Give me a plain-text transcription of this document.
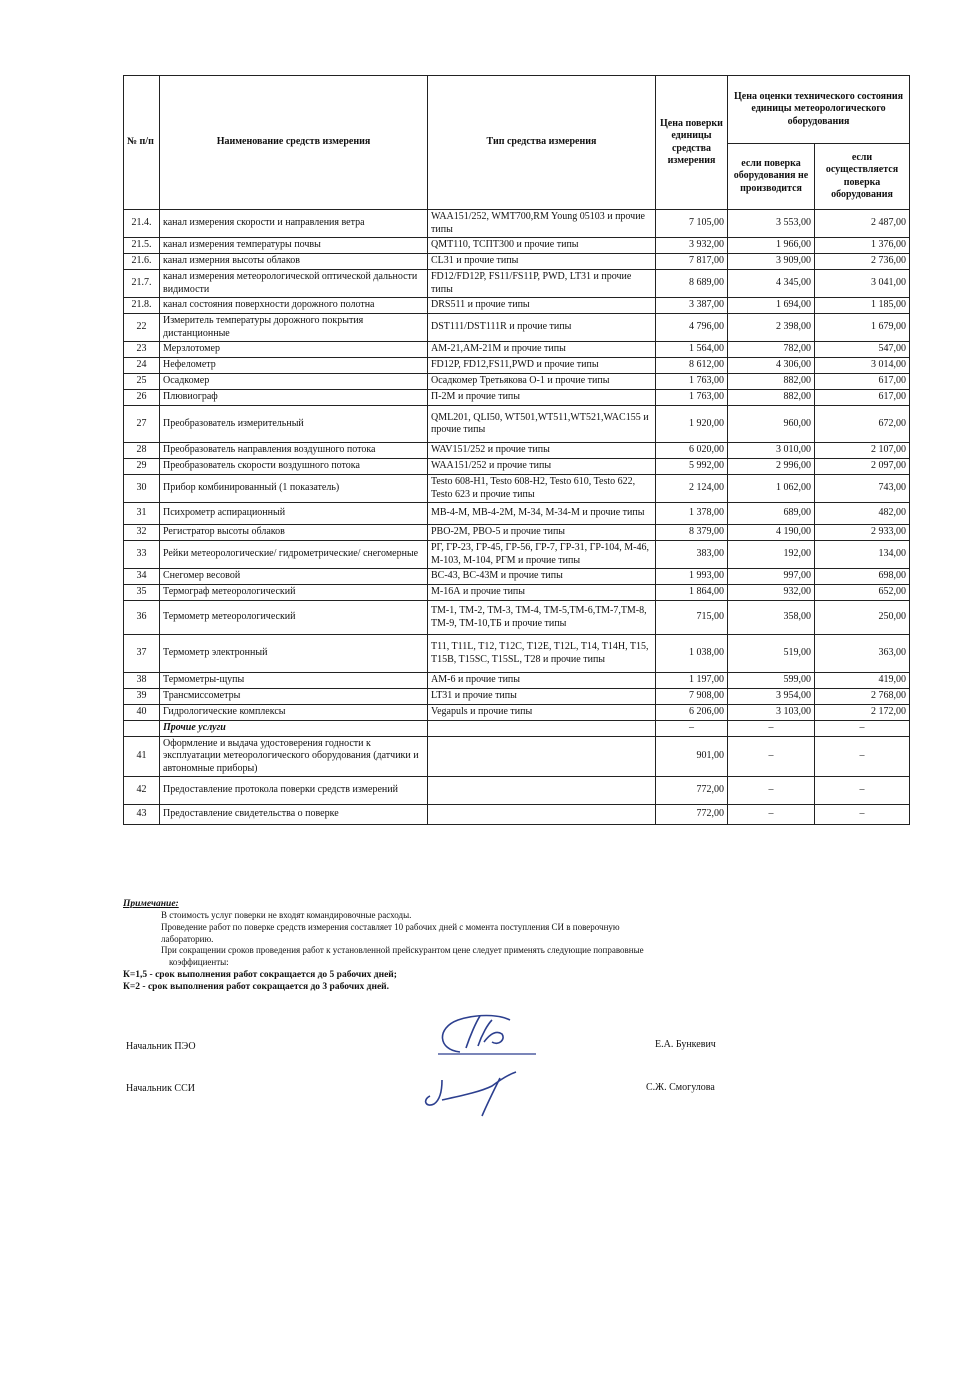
№ п/п	Наименование средств измерения	Тип средства измерения	Цена поверки единицы средства измерения	Цена оценки технического состояния единицы метеорологического оборудования	
				если поверка оборудования не производится	если осуществляется поверка оборудования
21.4.	канал измерения скорости и направления ветра	WAA151/252, WMT700,RM Young 05103 и прочие типы	7 105,00	3 553,00	2 487,00
21.5.	канал измерения температуры почвы	QMT110, ТСПТ300 и прочие типы	3 932,00	1 966,00	1 376,00
21.6.	канал измерния высоты облаков	CL31 и прочие типы	7 817,00	3 909,00	2 736,00
21.7.	канал измерения метеорологической оптической дальности видимости	FD12/FD12P, FS11/FS11P, PWD, LT31 и прочие типы	8 689,00	4 345,00	3 041,00
21.8.	канал состояния поверхности дорожного полотна	DRS511 и прочие типы	3 387,00	1 694,00	1 185,00
22	Измеритель температуры дорожного покрытия дистанционные	DST111/DST111R и прочие типы	4 796,00	2 398,00	1 679,00
23	Мерзлотомер	АМ-21,АМ-21М и прочие типы	1 564,00	782,00	547,00
24	Нефелометр	FD12P, FD12,FS11,PWD и прочие типы	8 612,00	4 306,00	3 014,00
25	Осадкомер	Осадкомер Третьякова О-1 и прочие типы	1 763,00	882,00	617,00
26	Плювиограф	П-2М и прочие типы	1 763,00	882,00	617,00
27	Преобразователь измерительный	QML201, QLI50, WT501,WT511,WT521,WAC155 и прочие типы	1 920,00	960,00	672,00
28	Преобразователь направления воздушного потока	WAV151/252 и прочие типы	6 020,00	3 010,00	2 107,00
29	Преобразователь скорости воздушного потока	WAA151/252 и прочие типы	5 992,00	2 996,00	2 097,00
30	Прибор комбинированный (1 показатель)	Testo 608-H1, Testo 608-H2, Testo 610, Testo 622, Testo 623 и прочие типы	2 124,00	1 062,00	743,00
31	Психрометр аспирационный	МВ-4-М, МВ-4-2М, М-34, М-34-М и прочие типы	1 378,00	689,00	482,00
32	Регистратор высоты облаков	РВО-2М, РВО-5 и прочие типы	8 379,00	4 190,00	2 933,00
33	Рейки метеорологические/ гидрометрические/ снегомерные	РГ, ГР-23, ГР-45, ГР-56, ГР-7, ГР-31, ГР-104, М-46, М-103, М-104, РГМ и прочие типы	383,00	192,00	134,00
34	Снегомер весовой	ВС-43, ВС-43М и прочие типы	1 993,00	997,00	698,00
35	Термограф метеорологический	М-16А и прочие типы	1 864,00	932,00	652,00
36	Термометр метеорологический	ТМ-1, ТМ-2, ТМ-3, ТМ-4, ТМ-5,ТМ-6,ТМ-7,ТМ-8, ТМ-9, ТМ-10,ТБ и прочие типы	715,00	358,00	250,00
37	Термометр электронный	T11, T11L, T12, T12C, T12E, T12L, T14, T14H, T15, T15B, T15SC, T15SL, T28 и прочие типы	1 038,00	519,00	363,00
38	Термометры-щупы	АМ-6 и прочие типы	1 197,00	599,00	419,00
39	Трансмиссометры	LT31 и прочие типы	7 908,00	3 954,00	2 768,00
40	Гидрологические комплексы	Vegapuls и прочие типы	6 206,00	3 103,00	2 172,00
	Прочие услуги		–	–	–
41	Оформление и выдача удостоверения годности к эксплуатации метеорологического оборудования (датчики и автономные приборы)		901,00	–	–
42	Предоставление протокола поверки средств измерений		772,00	–	–
43	Предоставление свидетельства о поверке		772,00	–	–
Примечание:
В стоимость услуг поверки не входят командировочные расходы.
Проведение работ по поверке средств измерения составляет 10 рабочих дней с момента поступления СИ в поверочную
лабораторию.
При сокращении сроков проведения работ к установленной прейскурантом цене следует применять следующие поправовные
коэффициенты:
К=1,5 - срок выполнения работ сокращается до 5 рабочих дней;
К=2 - срок выполнения работ сокращается до 3 рабочих дней.
Начальник ПЭО	Е.А. Бункевич
Начальник ССИ	С.Ж. Смогулова
